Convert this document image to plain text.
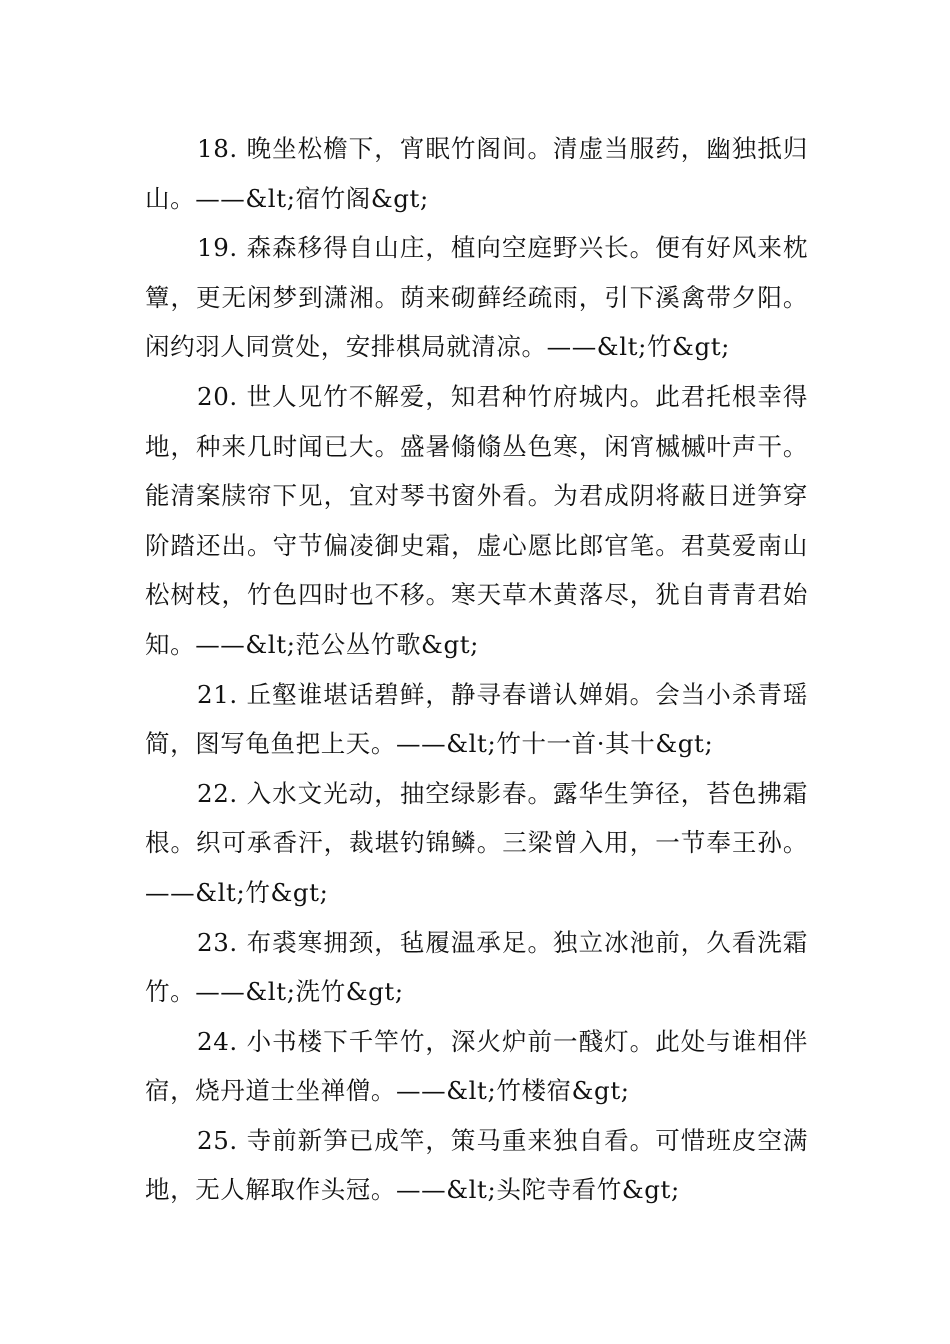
18. 晚坐松檐下，宵眠竹阁间。清虚当服药，幽独抵归山。——&lt;宿竹阁&gt;

19. 森森移得自山庄，植向空庭野兴长。便有好风来枕簟，更无闲梦到潇湘。荫来砌藓经疏雨，引下溪禽带夕阳。闲约羽人同赏处，安排棋局就清凉。——&lt;竹&gt;

20. 世人见竹不解爱，知君种竹府城内。此君托根幸得地，种来几时闻已大。盛暑翛翛丛色寒，闲宵槭槭叶声干。能清案牍帘下见，宜对琴书窗外看。为君成阴将蔽日迸笋穿阶踏还出。守节偏凌御史霜，虚心愿比郎官笔。君莫爱南山松树枝，竹色四时也不移。寒天草木黄落尽，犹自青青君始知。——&lt;范公丛竹歌&gt;

21. 丘壑谁堪话碧鲜，静寻春谱认婵娟。会当小杀青瑶简，图写龟鱼把上天。——&lt;竹十一首·其十&gt;

22. 入水文光动，抽空绿影春。露华生笋径，苔色拂霜根。织可承香汗，裁堪钓锦鳞。三梁曾入用，一节奉王孙。——&lt;竹&gt;

23. 布裘寒拥颈，毡履温承足。独立冰池前，久看洗霜竹。——&lt;洗竹&gt;

24. 小书楼下千竿竹，深火炉前一醆灯。此处与谁相伴宿，烧丹道士坐禅僧。——&lt;竹楼宿&gt;

25. 寺前新笋已成竿，策马重来独自看。可惜班皮空满地，无人解取作头冠。——&lt;头陀寺看竹&gt;
